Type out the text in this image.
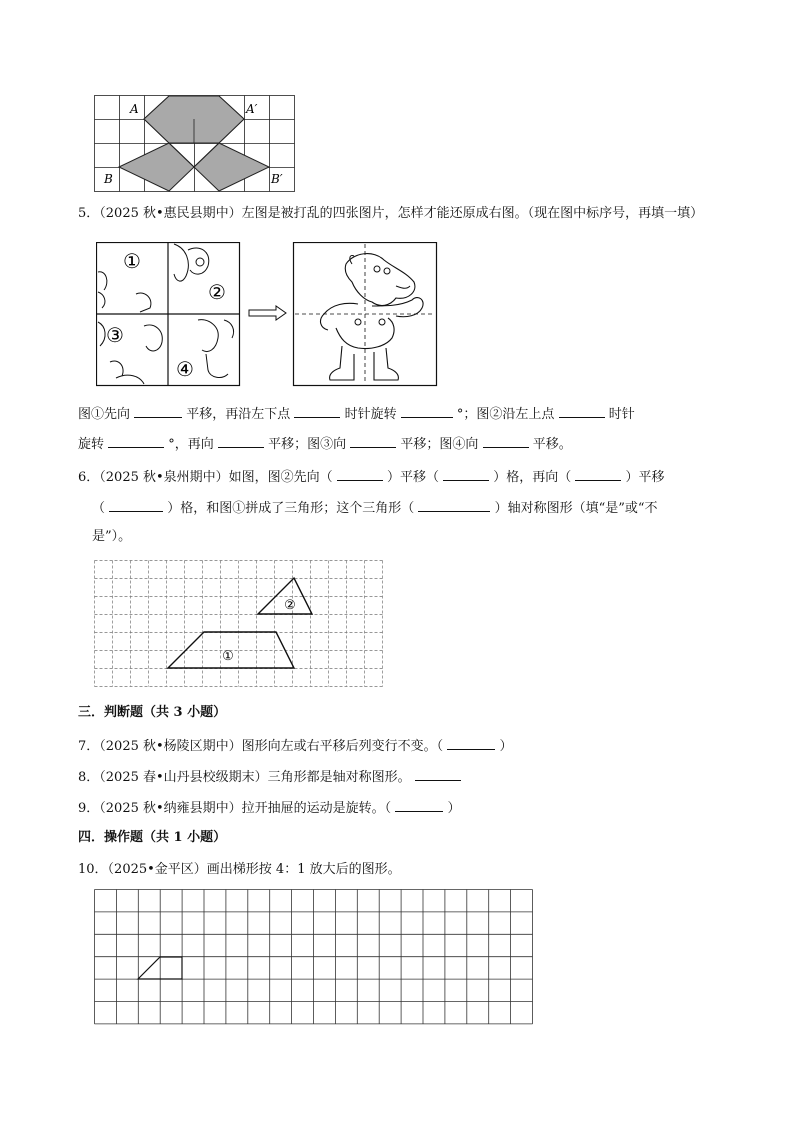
A	A′
B	B′
5．（2025 秋•惠民县期中）左图是被打乱的四张图片，怎样才能还原成右图。（现在图中标序号，再填一填）
①
②
③
④
图①先向	平移，再沿左下点	时针旋转	°；图②沿左上点	时针
旋转	°，再向	平移；图③向	平移；图④向	平移。
6．（2025 秋•泉州期中）如图，图②先向（	）平移（	）格，再向（	）平移
（	）格，和图①拼成了三角形；这个三角形（	）轴对称图形（填“是”或“不
是”）。
②
①
三．判断题（共 3 小题）
7．（2025 秋•杨陵区期中）图形向左或右平移后列变行不变。（	）
8．（2025 春•山丹县校级期末）三角形都是轴对称图形。
9．（2025 秋•纳雍县期中）拉开抽屉的运动是旋转。（	）
四．操作题（共 1 小题）
10．（2025•金平区）画出梯形按 4：1 放大后的图形。
